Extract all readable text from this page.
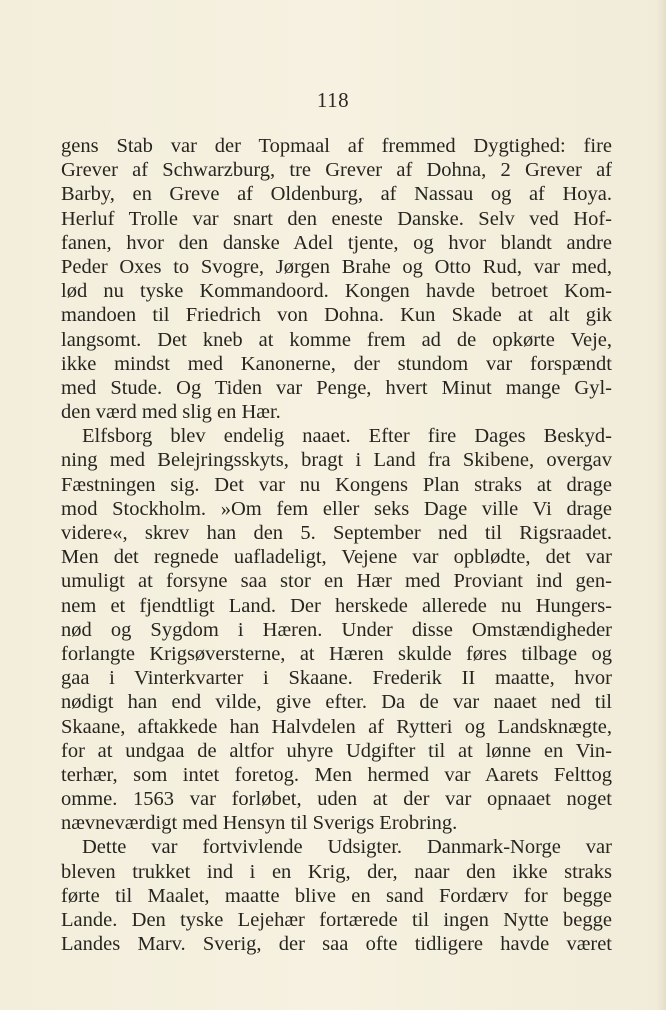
118
gens Stab var der Topmaal af fremmed Dygtighed: fire
Grever af Schwarzburg, tre Grever af Dohna, 2 Grever af
Barby, en Greve af Oldenburg, af Nassau og af Hoya.
Herluf Trolle var snart den eneste Danske. Selv ved Hof-
fanen, hvor den danske Adel tjente, og hvor blandt andre
Peder Oxes to Svogre, Jørgen Brahe og Otto Rud, var med,
lød nu tyske Kommandoord. Kongen havde betroet Kom-
mandoen til Friedrich von Dohna. Kun Skade at alt gik
langsomt. Det kneb at komme frem ad de opkørte Veje,
ikke mindst med Kanonerne, der stundom var forspændt
med Stude. Og Tiden var Penge, hvert Minut mange Gyl-
den værd med slig en Hær.
Elfsborg blev endelig naaet. Efter fire Dages Beskyd-
ning med Belejringsskyts, bragt i Land fra Skibene, overgav
Fæstningen sig. Det var nu Kongens Plan straks at drage
mod Stockholm. »Om fem eller seks Dage ville Vi drage
videre«, skrev han den 5. September ned til Rigsraadet.
Men det regnede uafladeligt, Vejene var opblødte, det var
umuligt at forsyne saa stor en Hær med Proviant ind gen-
nem et fjendtligt Land. Der herskede allerede nu Hungers-
nød og Sygdom i Hæren. Under disse Omstændigheder
forlangte Krigsøversterne, at Hæren skulde føres tilbage og
gaa i Vinterkvarter i Skaane. Frederik II maatte, hvor
nødigt han end vilde, give efter. Da de var naaet ned til
Skaane, aftakkede han Halvdelen af Rytteri og Landsknægte,
for at undgaa de altfor uhyre Udgifter til at lønne en Vin-
terhær, som intet foretog. Men hermed var Aarets Felttog
omme. 1563 var forløbet, uden at der var opnaaet noget
nævneværdigt med Hensyn til Sverigs Erobring.
Dette var fortvivlende Udsigter. Danmark-Norge var
bleven trukket ind i en Krig, der, naar den ikke straks
førte til Maalet, maatte blive en sand Fordærv for begge
Lande. Den tyske Lejehær fortærede til ingen Nytte begge
Landes Marv. Sverig, der saa ofte tidligere havde været
